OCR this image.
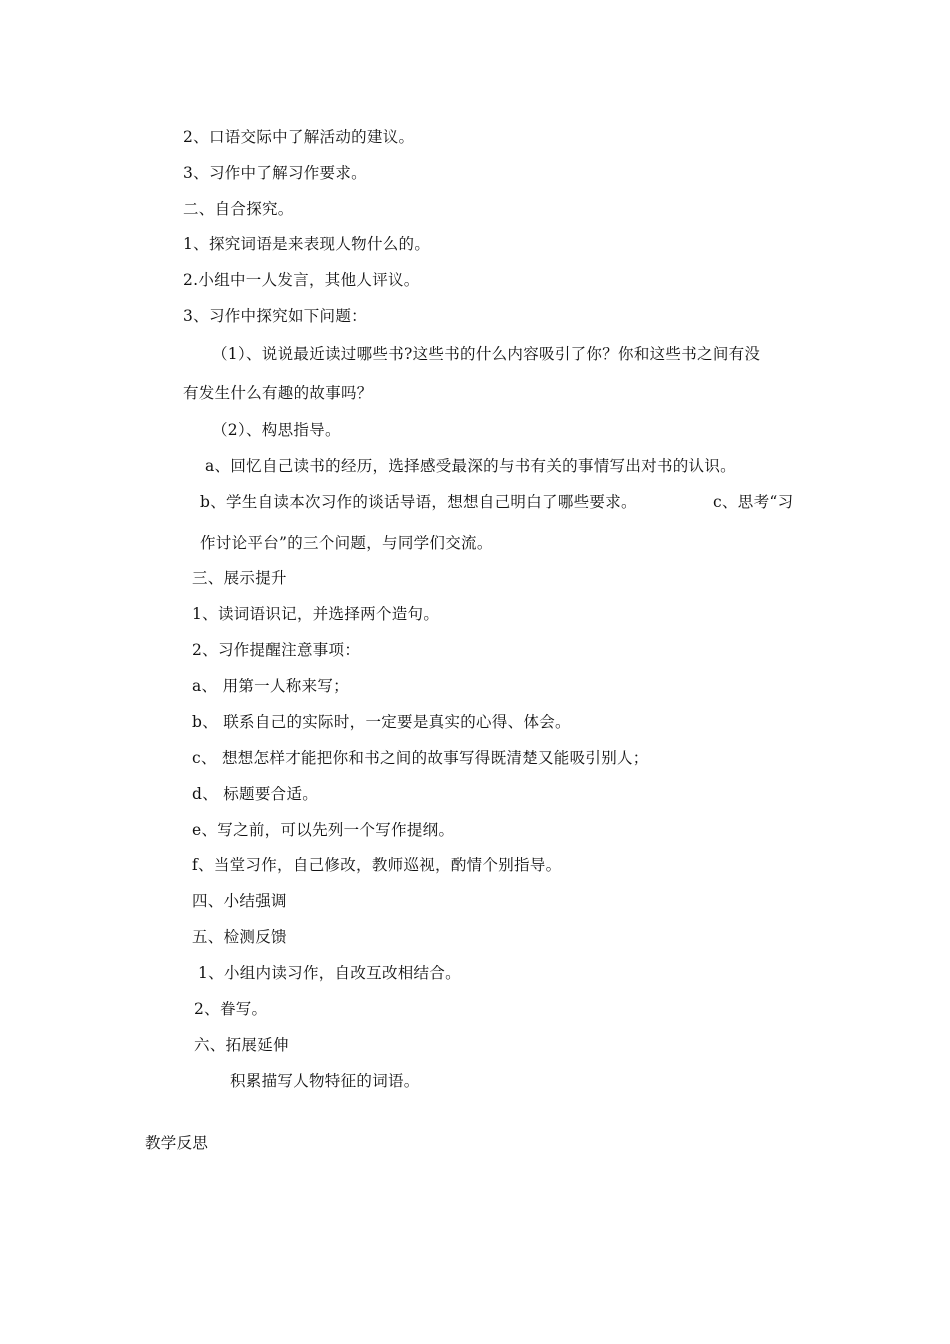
2、口语交际中了解活动的建议。

3、习作中了解习作要求。

二、自合探究。

1、探究词语是来表现人物什么的。

2.小组中一人发言，其他人评议。

3、习作中探究如下问题：

（1）、说说最近读过哪些书?这些书的什么内容吸引了你？你和这些书之间有没

有发生什么有趣的故事吗？

（2）、构思指导。

a、回忆自己读书的经历，选择感受最深的与书有关的事情写出对书的认识。

b、学生自读本次习作的谈话导语，想想自己明白了哪些要求。	c、思考“习

作讨论平台”的三个问题，与同学们交流。

三、展示提升

1、读词语识记，并选择两个造句。

2、习作提醒注意事项：

a、 用第一人称来写；

b、 联系自己的实际时，一定要是真实的心得、体会。

c、 想想怎样才能把你和书之间的故事写得既清楚又能吸引别人；

d、 标题要合适。

e、写之前，可以先列一个写作提纲。

f、当堂习作，自己修改，教师巡视，酌情个别指导。

四、小结强调

五、检测反馈

1、小组内读习作，自改互改相结合。

2、眷写。

六、拓展延伸

积累描写人物特征的词语。

教学反思
